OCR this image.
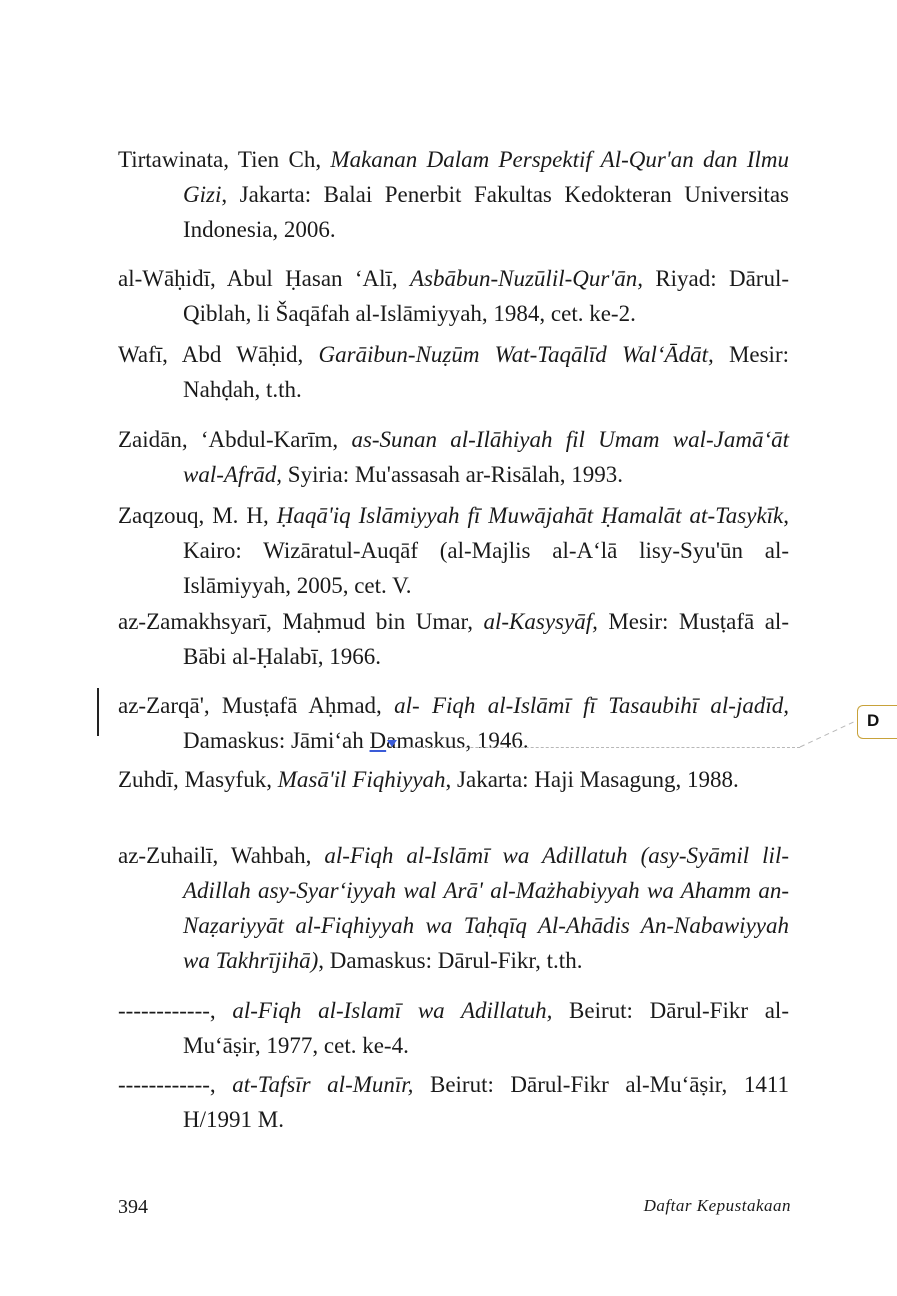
Tirtawinata, Tien Ch, Makanan Dalam Perspektif Al-Qur'an dan Ilmu Gizi, Jakarta: Balai Penerbit Fakultas Kedokteran Universitas Indonesia, 2006.
al-Wāḥidī, Abul Ḥasan ‘Alī, Asbābun-Nuzūlil-Qur'ān, Riyad: Dārul-Qiblah, li Šaqāfah al-Islāmiyyah, 1984, cet. ke-2.
Wafī, Abd Wāḥid, Garāibun-Nuẓūm Wat-Taqālīd Wal‘Ādāt, Mesir: Nahḍah, t.th.
Zaidān, ‘Abdul-Karīm, as-Sunan al-Ilāhiyah fil Umam wal-Jamā‘āt wal-Afrād, Syiria: Mu'assasah ar-Risālah, 1993.
Zaqzouq, M. H, Ḥaqā'iq Islāmiyyah fī Muwājahāt Ḥamalāt at-Tasykīk, Kairo: Wizāratul-Auqāf (al-Majlis al-A‘lā lisy-Syu'ūn al-Islāmiyyah, 2005, cet. V.
az-Zamakhsyarī, Maḥmud bin Umar, al-Kasysyāf, Mesir: Musṭafā al-Bābi al-Ḥalabī, 1966.
az-Zarqā', Musṭafā Aḥmad, al- Fiqh al-Islāmī fī Tasaubihī al-jadīd, Damaskus: Jāmi‘ah Damaskus, 1946.
Zuhdī, Masyfuk, Masā'il Fiqhiyyah, Jakarta: Haji Masagung, 1988.
az-Zuhailī, Wahbah, al-Fiqh al-Islāmī wa Adillatuh (asy-Syāmil lil-Adillah asy-Syar‘iyyah wal Arā' al-Mażhabiyyah wa Ahamm an-Naẓariyyāt al-Fiqhiyyah wa Taḥqīq Al-Ahādis An-Nabawiyyah wa Takhrījihā), Damaskus: Dārul-Fikr, t.th.
------------, al-Fiqh al-Islamī wa Adillatuh, Beirut: Dārul-Fikr al-Mu‘āṣir, 1977, cet. ke-4.
------------, at-Tafsīr al-Munīr, Beirut: Dārul-Fikr al-Mu‘āṣir, 1411 H/1991 M.
D
394	Daftar Kepustakaan
